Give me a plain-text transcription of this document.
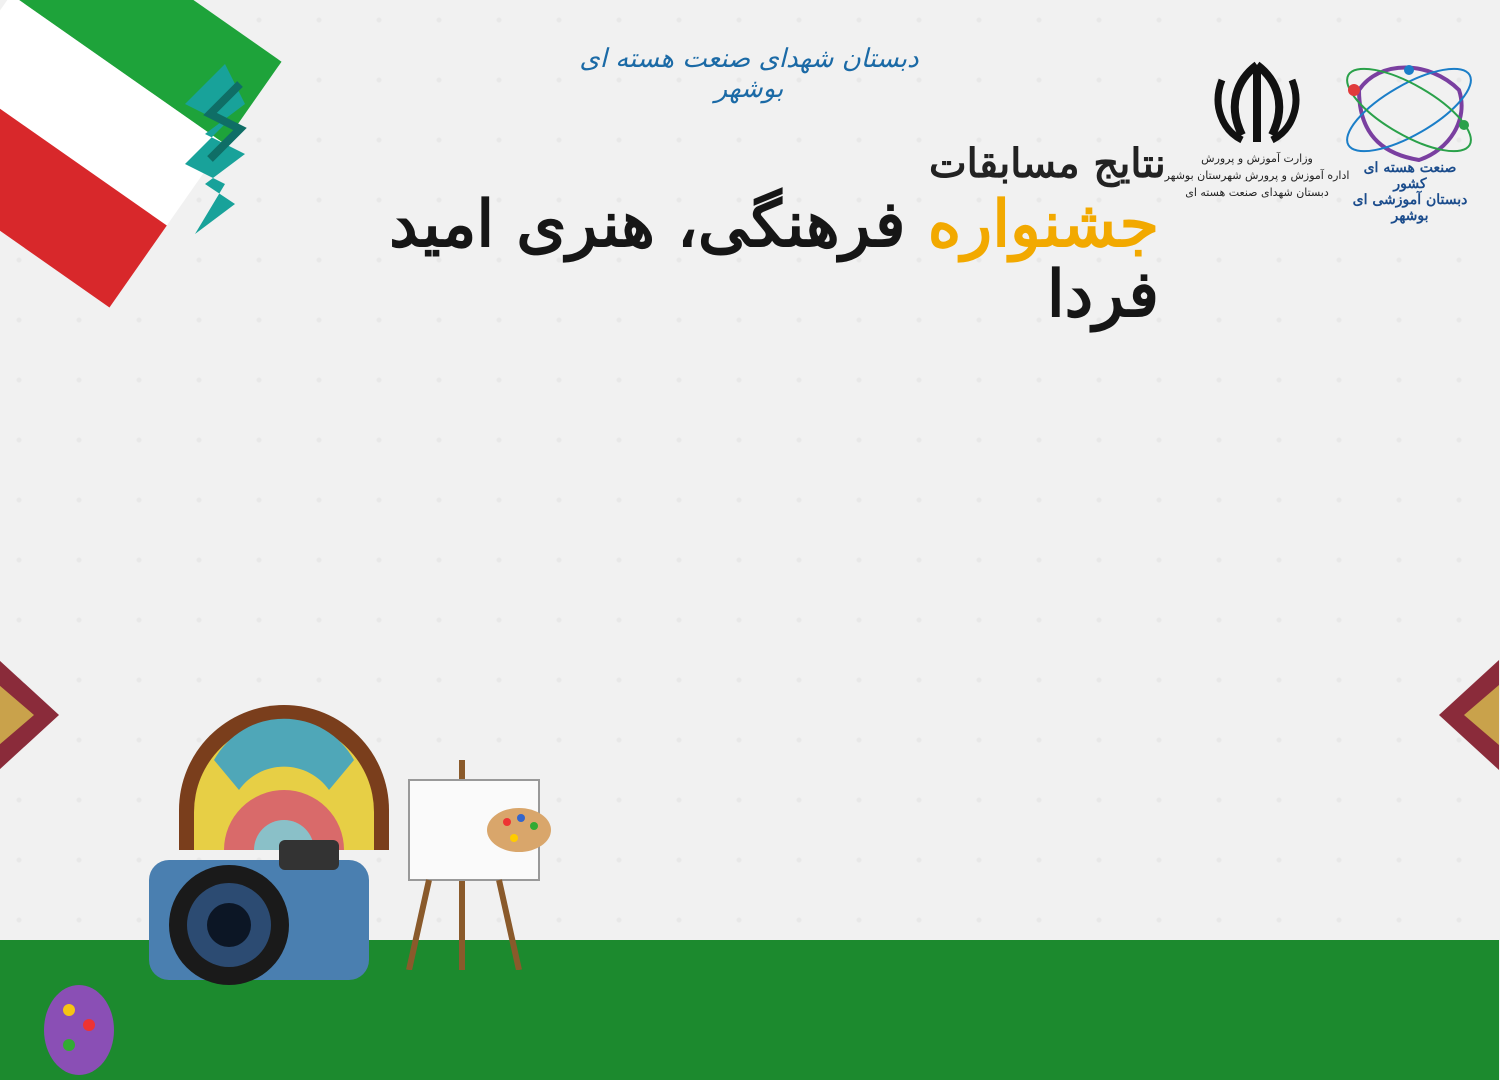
دبستان شهدای صنعت هسته ای بوشهر
نتایج مسابقات
جشنواره فرهنگی، هنری امید فردا
وزارت آموزش و پرورش
اداره آموزش و پرورش شهرستان بوشهر
دبستان شهدای صنعت هسته ای
صنعت هسته ای کشور
دبستان آموزشی ای بوشهر
